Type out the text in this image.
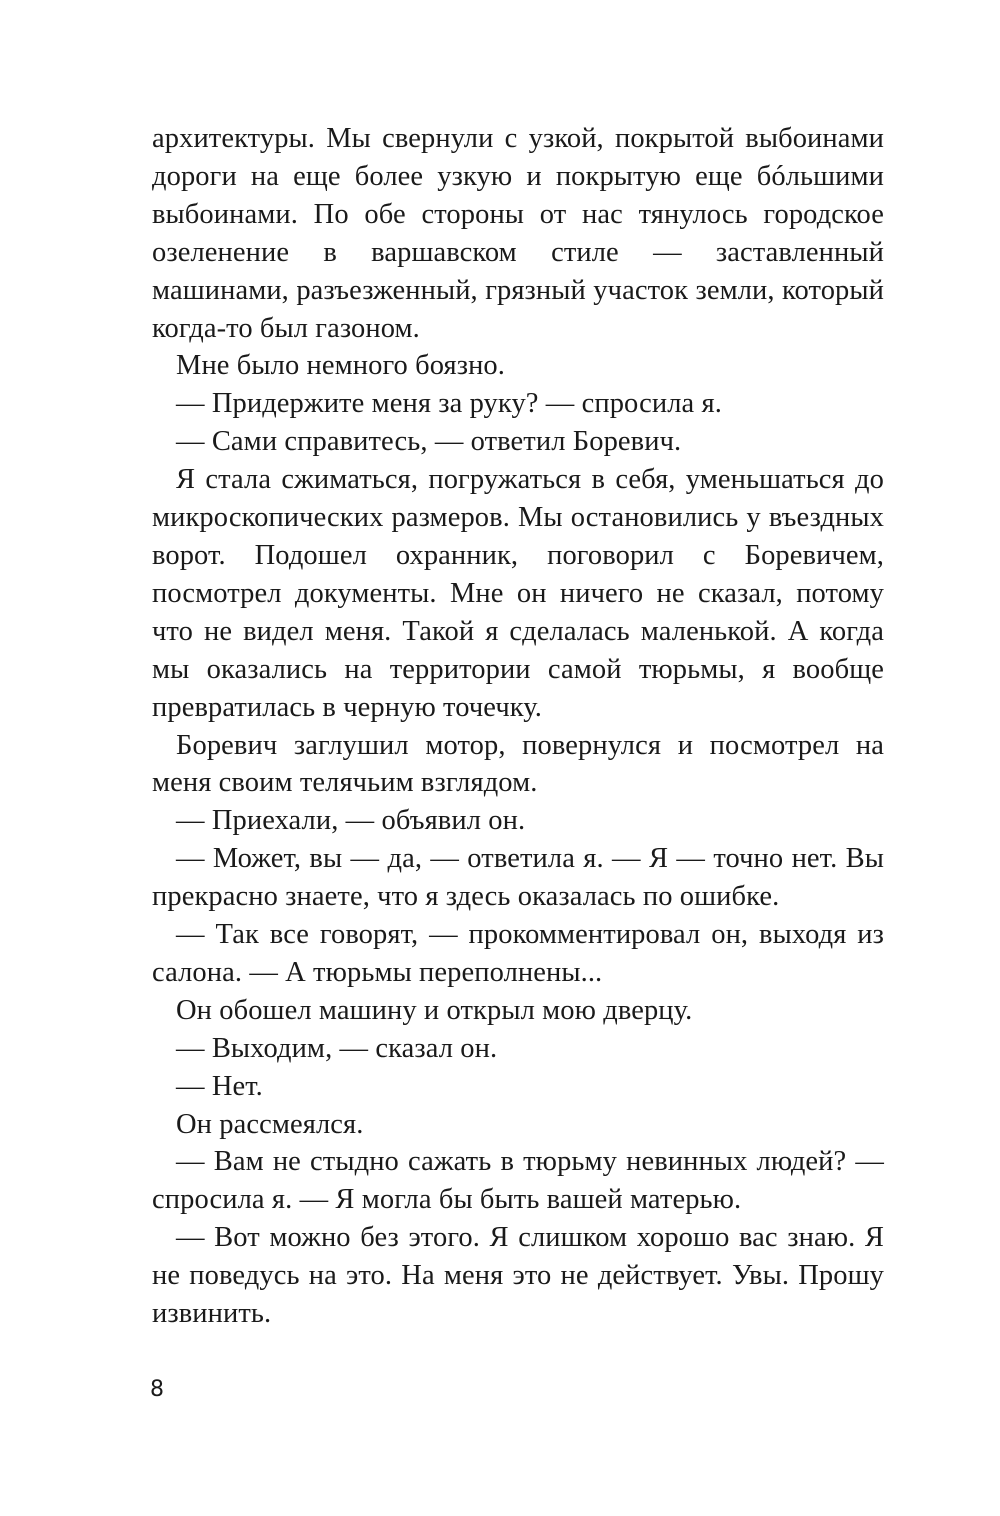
архитектуры. Мы свернули с узкой, покрытой выбоинами дороги на еще более узкую и покрытую еще бóльшими выбоинами. По обе стороны от нас тянулось городское озеленение в варшавском стиле — заставленный машинами, разъезженный, грязный участок земли, который когда-то был газоном.

Мне было немного боязно.

— Придержите меня за руку? — спросила я.

— Сами справитесь, — ответил Боревич.

Я стала сжиматься, погружаться в себя, уменьшаться до микроскопических размеров. Мы остановились у въездных ворот. Подошел охранник, поговорил с Боревичем, посмотрел документы. Мне он ничего не сказал, потому что не видел меня. Такой я сделалась маленькой. А когда мы оказались на территории самой тюрьмы, я вообще превратилась в черную точечку.

Боревич заглушил мотор, повернулся и посмотрел на меня своим телячьим взглядом.

— Приехали, — объявил он.

— Может, вы — да, — ответила я. — Я — точно нет. Вы прекрасно знаете, что я здесь оказалась по ошибке.

— Так все говорят, — прокомментировал он, выходя из салона. — А тюрьмы переполнены...

Он обошел машину и открыл мою дверцу.

— Выходим, — сказал он.

— Нет.

Он рассмеялся.

— Вам не стыдно сажать в тюрьму невинных людей? — спросила я. — Я могла бы быть вашей матерью.

— Вот можно без этого. Я слишком хорошо вас знаю. Я не поведусь на это. На меня это не действует. Увы. Прошу извинить.

8
